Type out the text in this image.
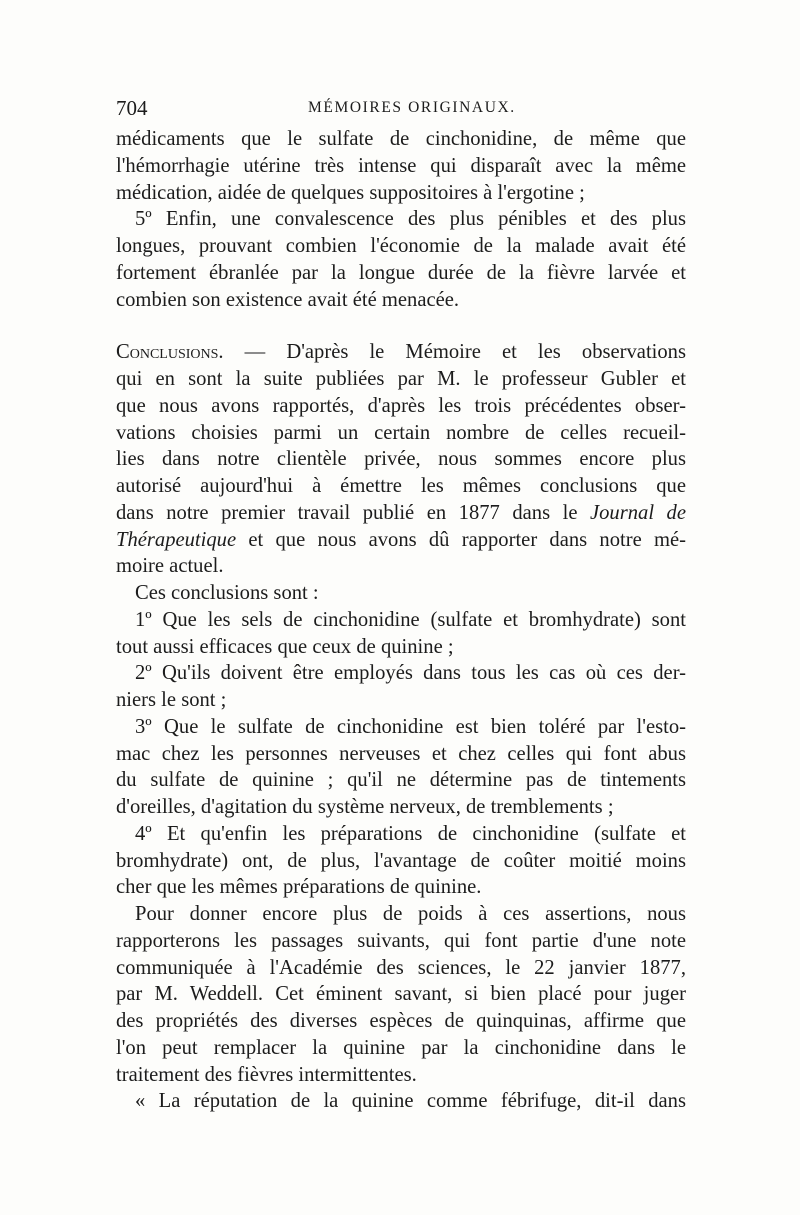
704	MÉMOIRES ORIGINAUX.
médicaments que le sulfate de cinchonidine, de même que
l'hémorrhagie utérine très intense qui disparaît avec la même
médication, aidée de quelques suppositoires à l'ergotine ;
5º Enfin, une convalescence des plus pénibles et des plus
longues, prouvant combien l'économie de la malade avait été
fortement ébranlée par la longue durée de la fièvre larvée et
combien son existence avait été menacée.
Conclusions. — D'après le Mémoire et les observations
qui en sont la suite publiées par M. le professeur Gubler et
que nous avons rapportés, d'après les trois précédentes obser-
vations choisies parmi un certain nombre de celles recueil-
lies dans notre clientèle privée, nous sommes encore plus
autorisé aujourd'hui à émettre les mêmes conclusions que
dans notre premier travail publié en 1877 dans le Journal de
Thérapeutique et que nous avons dû rapporter dans notre mé-
moire actuel.
Ces conclusions sont :
1º Que les sels de cinchonidine (sulfate et bromhydrate) sont
tout aussi efficaces que ceux de quinine ;
2º Qu'ils doivent être employés dans tous les cas où ces der-
niers le sont ;
3º Que le sulfate de cinchonidine est bien toléré par l'esto-
mac chez les personnes nerveuses et chez celles qui font abus
du sulfate de quinine ; qu'il ne détermine pas de tintements
d'oreilles, d'agitation du système nerveux, de tremblements ;
4º Et qu'enfin les préparations de cinchonidine (sulfate et
bromhydrate) ont, de plus, l'avantage de coûter moitié moins
cher que les mêmes préparations de quinine.
Pour donner encore plus de poids à ces assertions, nous
rapporterons les passages suivants, qui font partie d'une note
communiquée à l'Académie des sciences, le 22 janvier 1877,
par M. Weddell. Cet éminent savant, si bien placé pour juger
des propriétés des diverses espèces de quinquinas, affirme que
l'on peut remplacer la quinine par la cinchonidine dans le
traitement des fièvres intermittentes.
« La réputation de la quinine comme fébrifuge, dit-il dans
